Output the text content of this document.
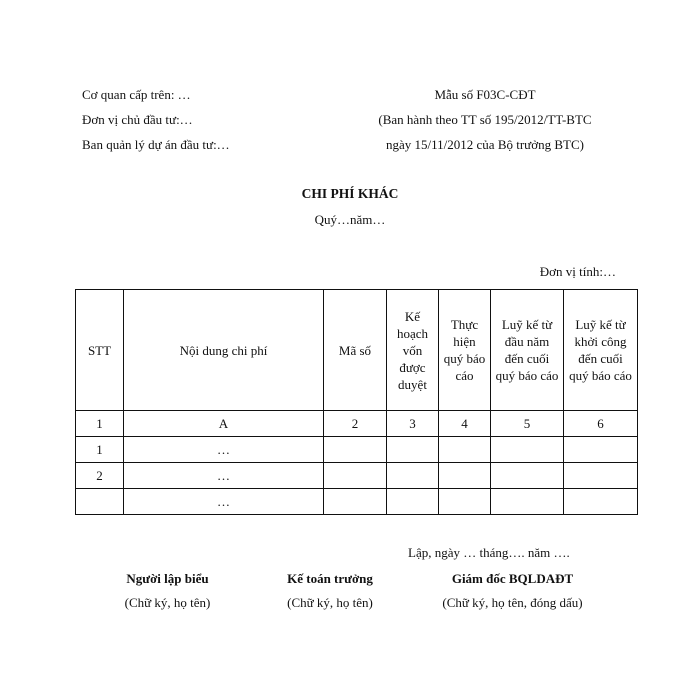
Cơ quan cấp trên: …
Đơn vị chủ đầu tư:…
Ban quản lý dự án đầu tư:…
Mẫu số F03C-CĐT
(Ban hành theo TT số 195/2012/TT-BTC
ngày 15/11/2012 của Bộ trưởng BTC)
CHI PHÍ KHÁC
Quý…năm…
Đơn vị tính:…
STT	Nội dung chi phí	Mã số	Kế hoạch vốn được duyệt	Thực hiện quý báo cáo	Luỹ kế từ đầu năm đến cuối quý báo cáo	Luỹ kế từ khởi công đến cuối quý báo cáo
1	A	2	3	4	5	6
1	…					
2	…					
	…					
Lập, ngày … tháng…. năm ….
Người lập biểu
(Chữ ký, họ tên)
Kế toán trưởng
(Chữ ký, họ tên)
Giám đốc BQLDAĐT
(Chữ ký, họ tên, đóng dấu)
